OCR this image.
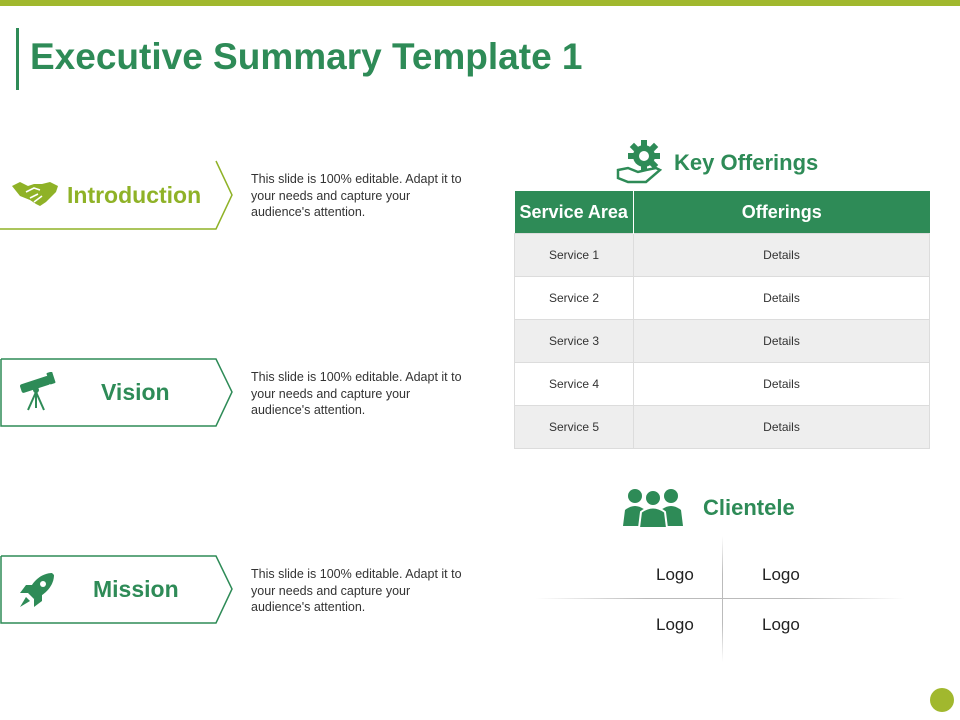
Executive Summary Template 1
Introduction
This slide is 100% editable. Adapt it to your needs and capture your audience's attention.
Vision
This slide is 100% editable. Adapt it to your needs and capture your audience's attention.
Mission
This slide is 100% editable. Adapt it to your needs and capture your audience's attention.
Key Offerings
Service Area	Offerings
Service 1	Details
Service 2	Details
Service 3	Details
Service 4	Details
Service 5	Details
Clientele
Logo	Logo
Logo	Logo
